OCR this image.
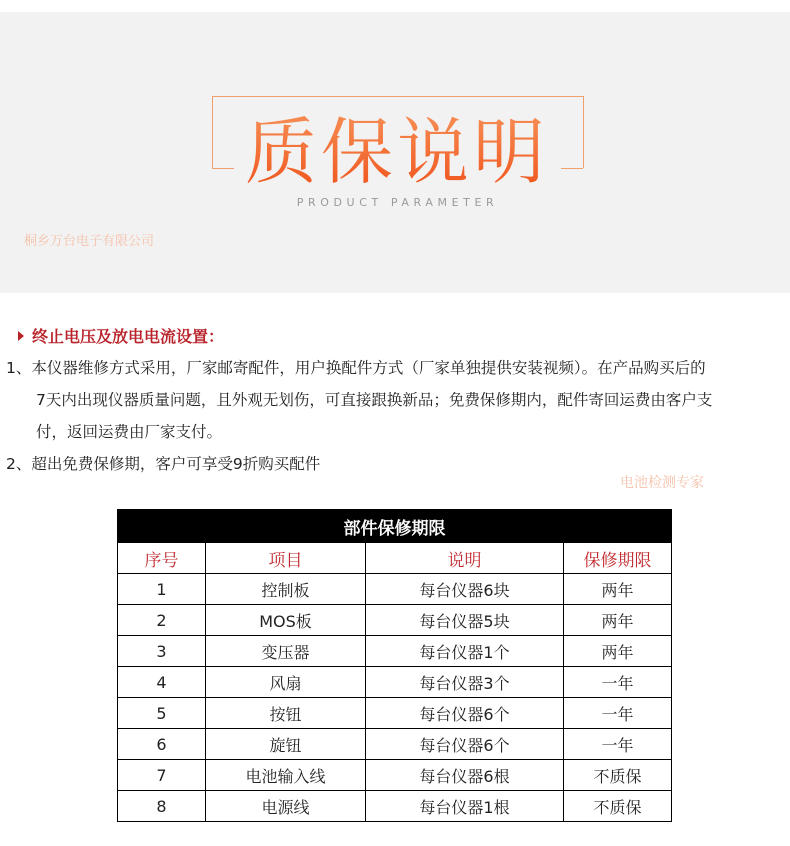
质保说明
PRODUCT PARAMETER
桐乡万台电子有限公司
终止电压及放电电流设置：
1、本仪器维修方式采用，厂家邮寄配件，用户换配件方式（厂家单独提供安装视频）。在产品购买后的
7天内出现仪器质量问题，且外观无划伤，可直接跟换新品；免费保修期内，配件寄回运费由客户支
付，返回运费由厂家支付。
2、超出免费保修期，客户可享受9折购买配件
电池检测专家
部件保修期限			
序号	项目	说明	保修期限
1	控制板	每台仪器6块	两年
2	MOS板	每台仪器5块	两年
3	变压器	每台仪器1个	两年
4	风扇	每台仪器3个	一年
5	按钮	每台仪器6个	一年
6	旋钮	每台仪器6个	一年
7	电池输入线	每台仪器6根	不质保
8	电源线	每台仪器1根	不质保
